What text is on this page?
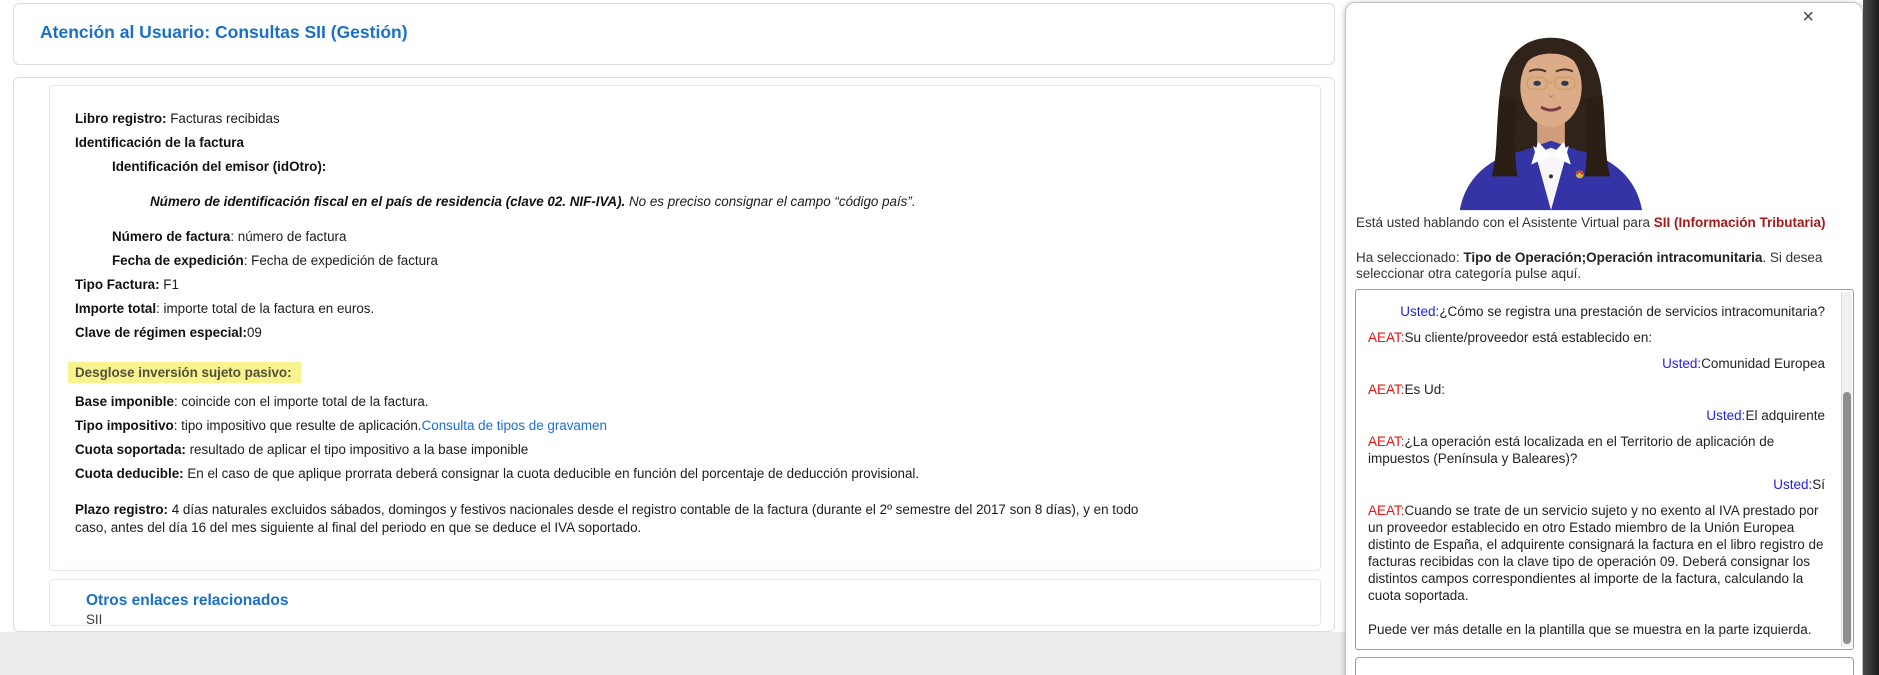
Atención al Usuario: Consultas SII (Gestión)

Libro registro: Facturas recibidas

Identificación de la factura

Identificación del emisor (idOtro):

Número de identificación fiscal en el país de residencia (clave 02. NIF-IVA). No es preciso consignar el campo “código país”.

Número de factura: número de factura

Fecha de expedición: Fecha de expedición de factura

Tipo Factura: F1

Importe total: importe total de la factura en euros.

Clave de régimen especial:09

Desglose inversión sujeto pasivo:

Base imponible: coincide con el importe total de la factura.

Tipo impositivo: tipo impositivo que resulte de aplicación.Consulta de tipos de gravamen

Cuota soportada: resultado de aplicar el tipo impositivo a la base imponible

Cuota deducible: En el caso de que aplique prorrata deberá consignar la cuota deducible en función del porcentaje de deducción provisional.

Plazo registro: 4 días naturales excluidos sábados, domingos y festivos nacionales desde el registro contable de la factura (durante el 2º semestre del 2017 son 8 días), y en todo caso, antes del día 16 del mes siguiente al final del periodo en que se deduce el IVA soportado.

Otros enlaces relacionados
SII
×

Está usted hablando con el Asistente Virtual para SII (Información Tributaria)

Ha seleccionado: Tipo de Operación;Operación intracomunitaria. Si desea seleccionar otra categoría pulse aquí.

Usted:¿Cómo se registra una prestación de servicios intracomunitaria?
AEAT:Su cliente/proveedor está establecido en:
Usted:Comunidad Europea
AEAT:Es Ud:
Usted:El adquirente
AEAT:¿La operación está localizada en el Territorio de aplicación de impuestos (Península y Baleares)?
Usted:Sí
AEAT:Cuando se trate de un servicio sujeto y no exento al IVA prestado por un proveedor establecido en otro Estado miembro de la Unión Europea distinto de España, el adquirente consignará la factura en el libro registro de facturas recibidas con la clave tipo de operación 09. Deberá consignar los distintos campos correspondientes al importe de la factura, calculando la cuota soportada.
Puede ver más detalle en la plantilla que se muestra en la parte izquierda.
